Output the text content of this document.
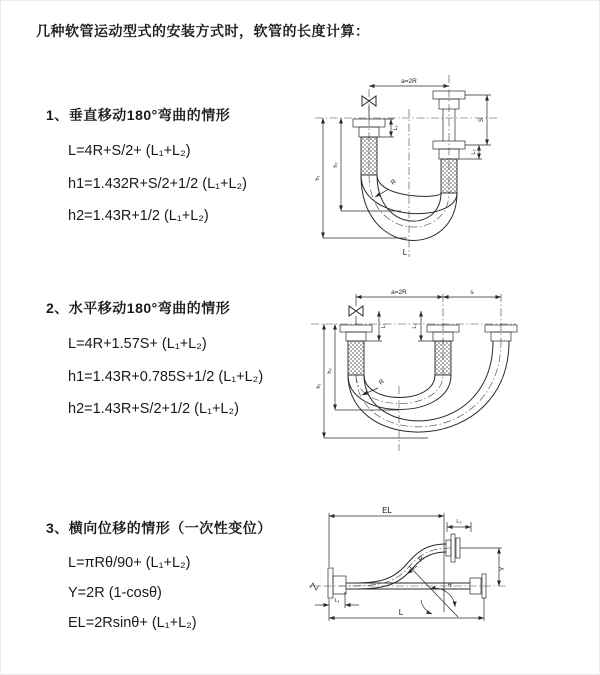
几种软管运动型式的安装方式时，软管的长度计算：
1、垂直移动180°弯曲的情形
L=4R+S/2+ (L₁+L₂)
h1=1.432R+S/2+1/2 (L₁+L₂)
h2=1.43R+1/2 (L₁+L₂)
2、水平移动180°弯曲的情形
L=4R+1.57S+ (L₁+L₂)
h1=1.43R+0.785S+1/2 (L₁+L₂)
h2=1.43R+S/2+1/2 (L₁+L₂)
3、横向位移的情形（一次性变位）
L=πRθ/90+ (L₁+L₂)
Y=2R (1-cosθ)
EL=2Rsinθ+ (L₁+L₂)
a=2R
L₁
S
L₂
h₁
h₂
R
L
a=2R	s
L₁	L₂
h₁
h₂
R
θ
EL
L₂
Y
L
L₁
R
